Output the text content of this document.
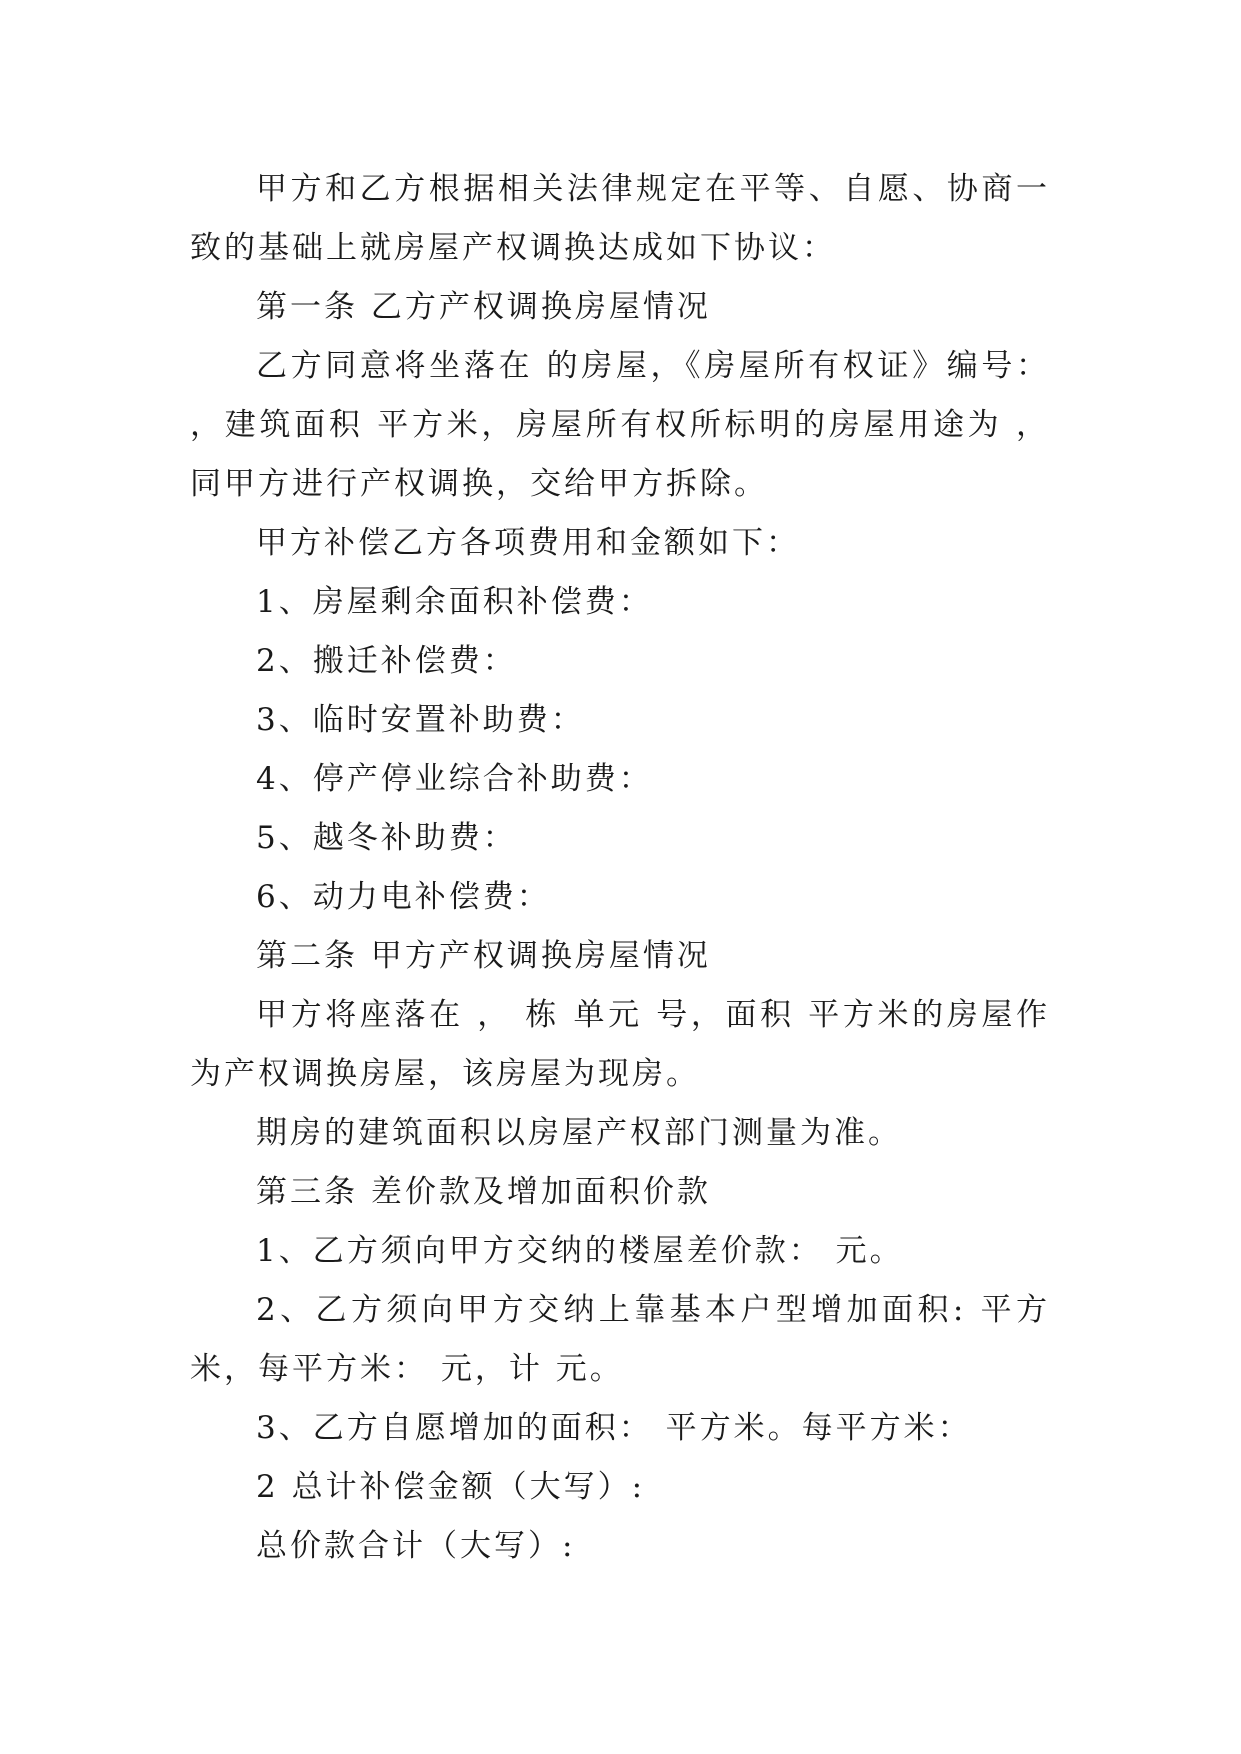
甲方和乙方根据相关法律规定在平等、自愿、协商一致的基础上就房屋产权调换达成如下协议：

第一条 乙方产权调换房屋情况

乙方同意将坐落在 的房屋，《房屋所有权证》编号： ，建筑面积 平方米，房屋所有权所标明的房屋用途为 ，同甲方进行产权调换，交给甲方拆除。

甲方补偿乙方各项费用和金额如下：

1、房屋剩余面积补偿费：

2、搬迁补偿费：

3、临时安置补助费：

4、停产停业综合补助费：

5、越冬补助费：

6、动力电补偿费：

第二条 甲方产权调换房屋情况

甲方将座落在 ， 栋 单元 号，面积 平方米的房屋作为产权调换房屋，该房屋为现房。

期房的建筑面积以房屋产权部门测量为准。

第三条 差价款及增加面积价款

1、乙方须向甲方交纳的楼屋差价款： 元。

2、乙方须向甲方交纳上靠基本户型增加面积: 平方米，每平方米： 元，计 元。

3、乙方自愿增加的面积： 平方米。每平方米：

2 总计补偿金额（大写）:

总价款合计（大写）:
